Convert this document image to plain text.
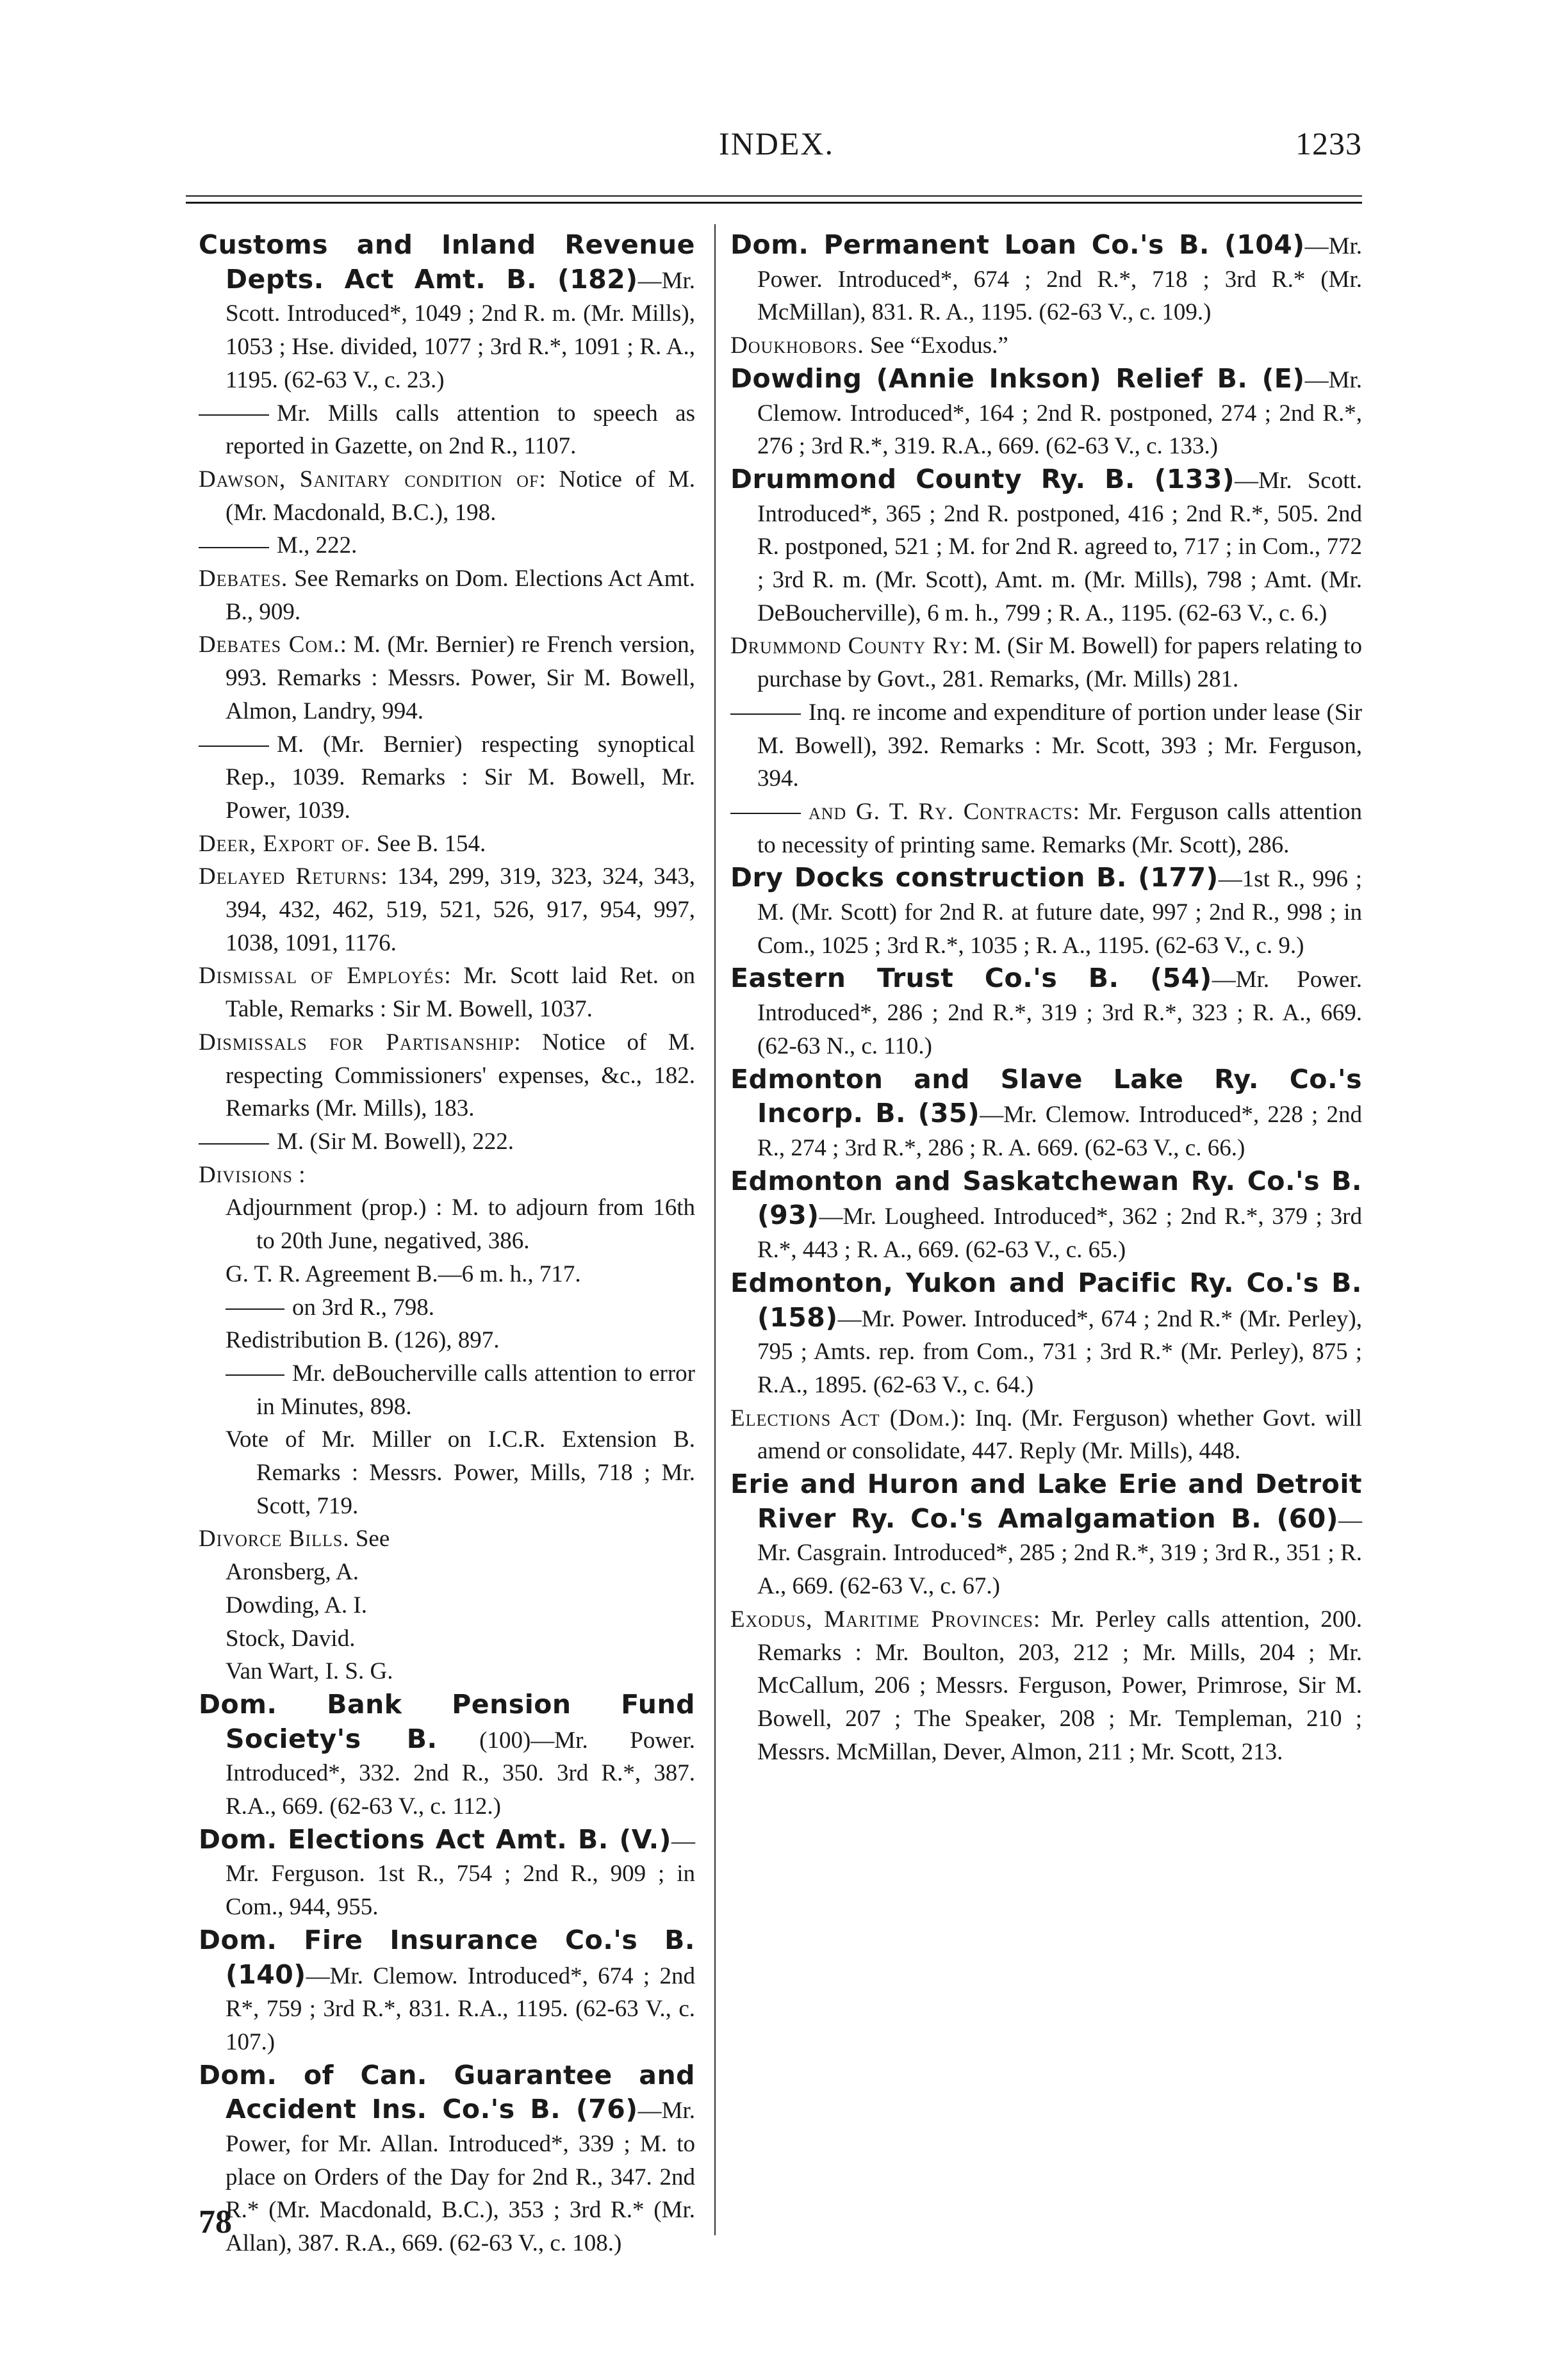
INDEX.	1233
Customs and Inland Revenue Depts. Act Amt. B. (182)—Mr. Scott. Introduced*, 1049 ; 2nd R. m. (Mr. Mills), 1053 ; Hse. divided, 1077 ; 3rd R.*, 1091 ; R. A., 1195. (62-63 V., c. 23.)
Mr. Mills calls attention to speech as reported in Gazette, on 2nd R., 1107.
Dawson, Sanitary condition of: Notice of M. (Mr. Macdonald, B.C.), 198.
M., 222.
Debates. See Remarks on Dom. Elections Act Amt. B., 909.
Debates Com.: M. (Mr. Bernier) re French version, 993. Remarks : Messrs. Power, Sir M. Bowell, Almon, Landry, 994.
M. (Mr. Bernier) respecting synoptical Rep., 1039. Remarks : Sir M. Bowell, Mr. Power, 1039.
Deer, Export of. See B. 154.
Delayed Returns: 134, 299, 319, 323, 324, 343, 394, 432, 462, 519, 521, 526, 917, 954, 997, 1038, 1091, 1176.
Dismissal of Employés: Mr. Scott laid Ret. on Table, Remarks : Sir M. Bowell, 1037.
Dismissals for Partisanship: Notice of M. respecting Commissioners' expenses, &c., 182. Remarks (Mr. Mills), 183.
M. (Sir M. Bowell), 222.
Divisions :
Adjournment (prop.) : M. to adjourn from 16th to 20th June, negatived, 386.
G. T. R. Agreement B.—6 m. h., 717.
on 3rd R., 798.
Redistribution B. (126), 897.
Mr. deBoucherville calls attention to error in Minutes, 898.
Vote of Mr. Miller on I.C.R. Extension B. Remarks : Messrs. Power, Mills, 718 ; Mr. Scott, 719.
Divorce Bills. See
Aronsberg, A.
Dowding, A. I.
Stock, David.
Van Wart, I. S. G.
Dom. Bank Pension Fund Society's B. (100)—Mr. Power. Introduced*, 332. 2nd R., 350. 3rd R.*, 387. R.A., 669. (62-63 V., c. 112.)
Dom. Elections Act Amt. B. (V.)—Mr. Ferguson. 1st R., 754 ; 2nd R., 909 ; in Com., 944, 955.
Dom. Fire Insurance Co.'s B. (140)—Mr. Clemow. Introduced*, 674 ; 2nd R*, 759 ; 3rd R.*, 831. R.A., 1195. (62-63 V., c. 107.)
Dom. of Can. Guarantee and Accident Ins. Co.'s B. (76)—Mr. Power, for Mr. Allan. Introduced*, 339 ; M. to place on Orders of the Day for 2nd R., 347. 2nd R.* (Mr. Macdonald, B.C.), 353 ; 3rd R.* (Mr. Allan), 387. R.A., 669. (62-63 V., c. 108.)
Dom. Permanent Loan Co.'s B. (104)—Mr. Power. Introduced*, 674 ; 2nd R.*, 718 ; 3rd R.* (Mr. McMillan), 831. R. A., 1195. (62-63 V., c. 109.)
Doukhobors. See “Exodus.”
Dowding (Annie Inkson) Relief B. (E)—Mr. Clemow. Introduced*, 164 ; 2nd R. postponed, 274 ; 2nd R.*, 276 ; 3rd R.*, 319. R.A., 669. (62-63 V., c. 133.)
Drummond County Ry. B. (133)—Mr. Scott. Introduced*, 365 ; 2nd R. postponed, 416 ; 2nd R.*, 505. 2nd R. postponed, 521 ; M. for 2nd R. agreed to, 717 ; in Com., 772 ; 3rd R. m. (Mr. Scott), Amt. m. (Mr. Mills), 798 ; Amt. (Mr. DeBoucherville), 6 m. h., 799 ; R. A., 1195. (62-63 V., c. 6.)
Drummond County Ry: M. (Sir M. Bowell) for papers relating to purchase by Govt., 281. Remarks, (Mr. Mills) 281.
Inq. re income and expenditure of portion under lease (Sir M. Bowell), 392. Remarks : Mr. Scott, 393 ; Mr. Ferguson, 394.
and G. T. Ry. Contracts: Mr. Ferguson calls attention to necessity of printing same. Remarks (Mr. Scott), 286.
Dry Docks construction B. (177)—1st R., 996 ; M. (Mr. Scott) for 2nd R. at future date, 997 ; 2nd R., 998 ; in Com., 1025 ; 3rd R.*, 1035 ; R. A., 1195. (62-63 V., c. 9.)
Eastern Trust Co.'s B. (54)—Mr. Power. Introduced*, 286 ; 2nd R.*, 319 ; 3rd R.*, 323 ; R. A., 669. (62-63 N., c. 110.)
Edmonton and Slave Lake Ry. Co.'s Incorp. B. (35)—Mr. Clemow. Introduced*, 228 ; 2nd R., 274 ; 3rd R.*, 286 ; R. A. 669. (62-63 V., c. 66.)
Edmonton and Saskatchewan Ry. Co.'s B. (93)—Mr. Lougheed. Introduced*, 362 ; 2nd R.*, 379 ; 3rd R.*, 443 ; R. A., 669. (62-63 V., c. 65.)
Edmonton, Yukon and Pacific Ry. Co.'s B. (158)—Mr. Power. Introduced*, 674 ; 2nd R.* (Mr. Perley), 795 ; Amts. rep. from Com., 731 ; 3rd R.* (Mr. Perley), 875 ; R.A., 1895. (62-63 V., c. 64.)
Elections Act (Dom.): Inq. (Mr. Ferguson) whether Govt. will amend or consolidate, 447. Reply (Mr. Mills), 448.
Erie and Huron and Lake Erie and Detroit River Ry. Co.'s Amalgamation B. (60)—Mr. Casgrain. Introduced*, 285 ; 2nd R.*, 319 ; 3rd R., 351 ; R. A., 669. (62-63 V., c. 67.)
Exodus, Maritime Provinces: Mr. Perley calls attention, 200. Remarks : Mr. Boulton, 203, 212 ; Mr. Mills, 204 ; Mr. McCallum, 206 ; Messrs. Ferguson, Power, Primrose, Sir M. Bowell, 207 ; The Speaker, 208 ; Mr. Templeman, 210 ; Messrs. McMillan, Dever, Almon, 211 ; Mr. Scott, 213.
78
